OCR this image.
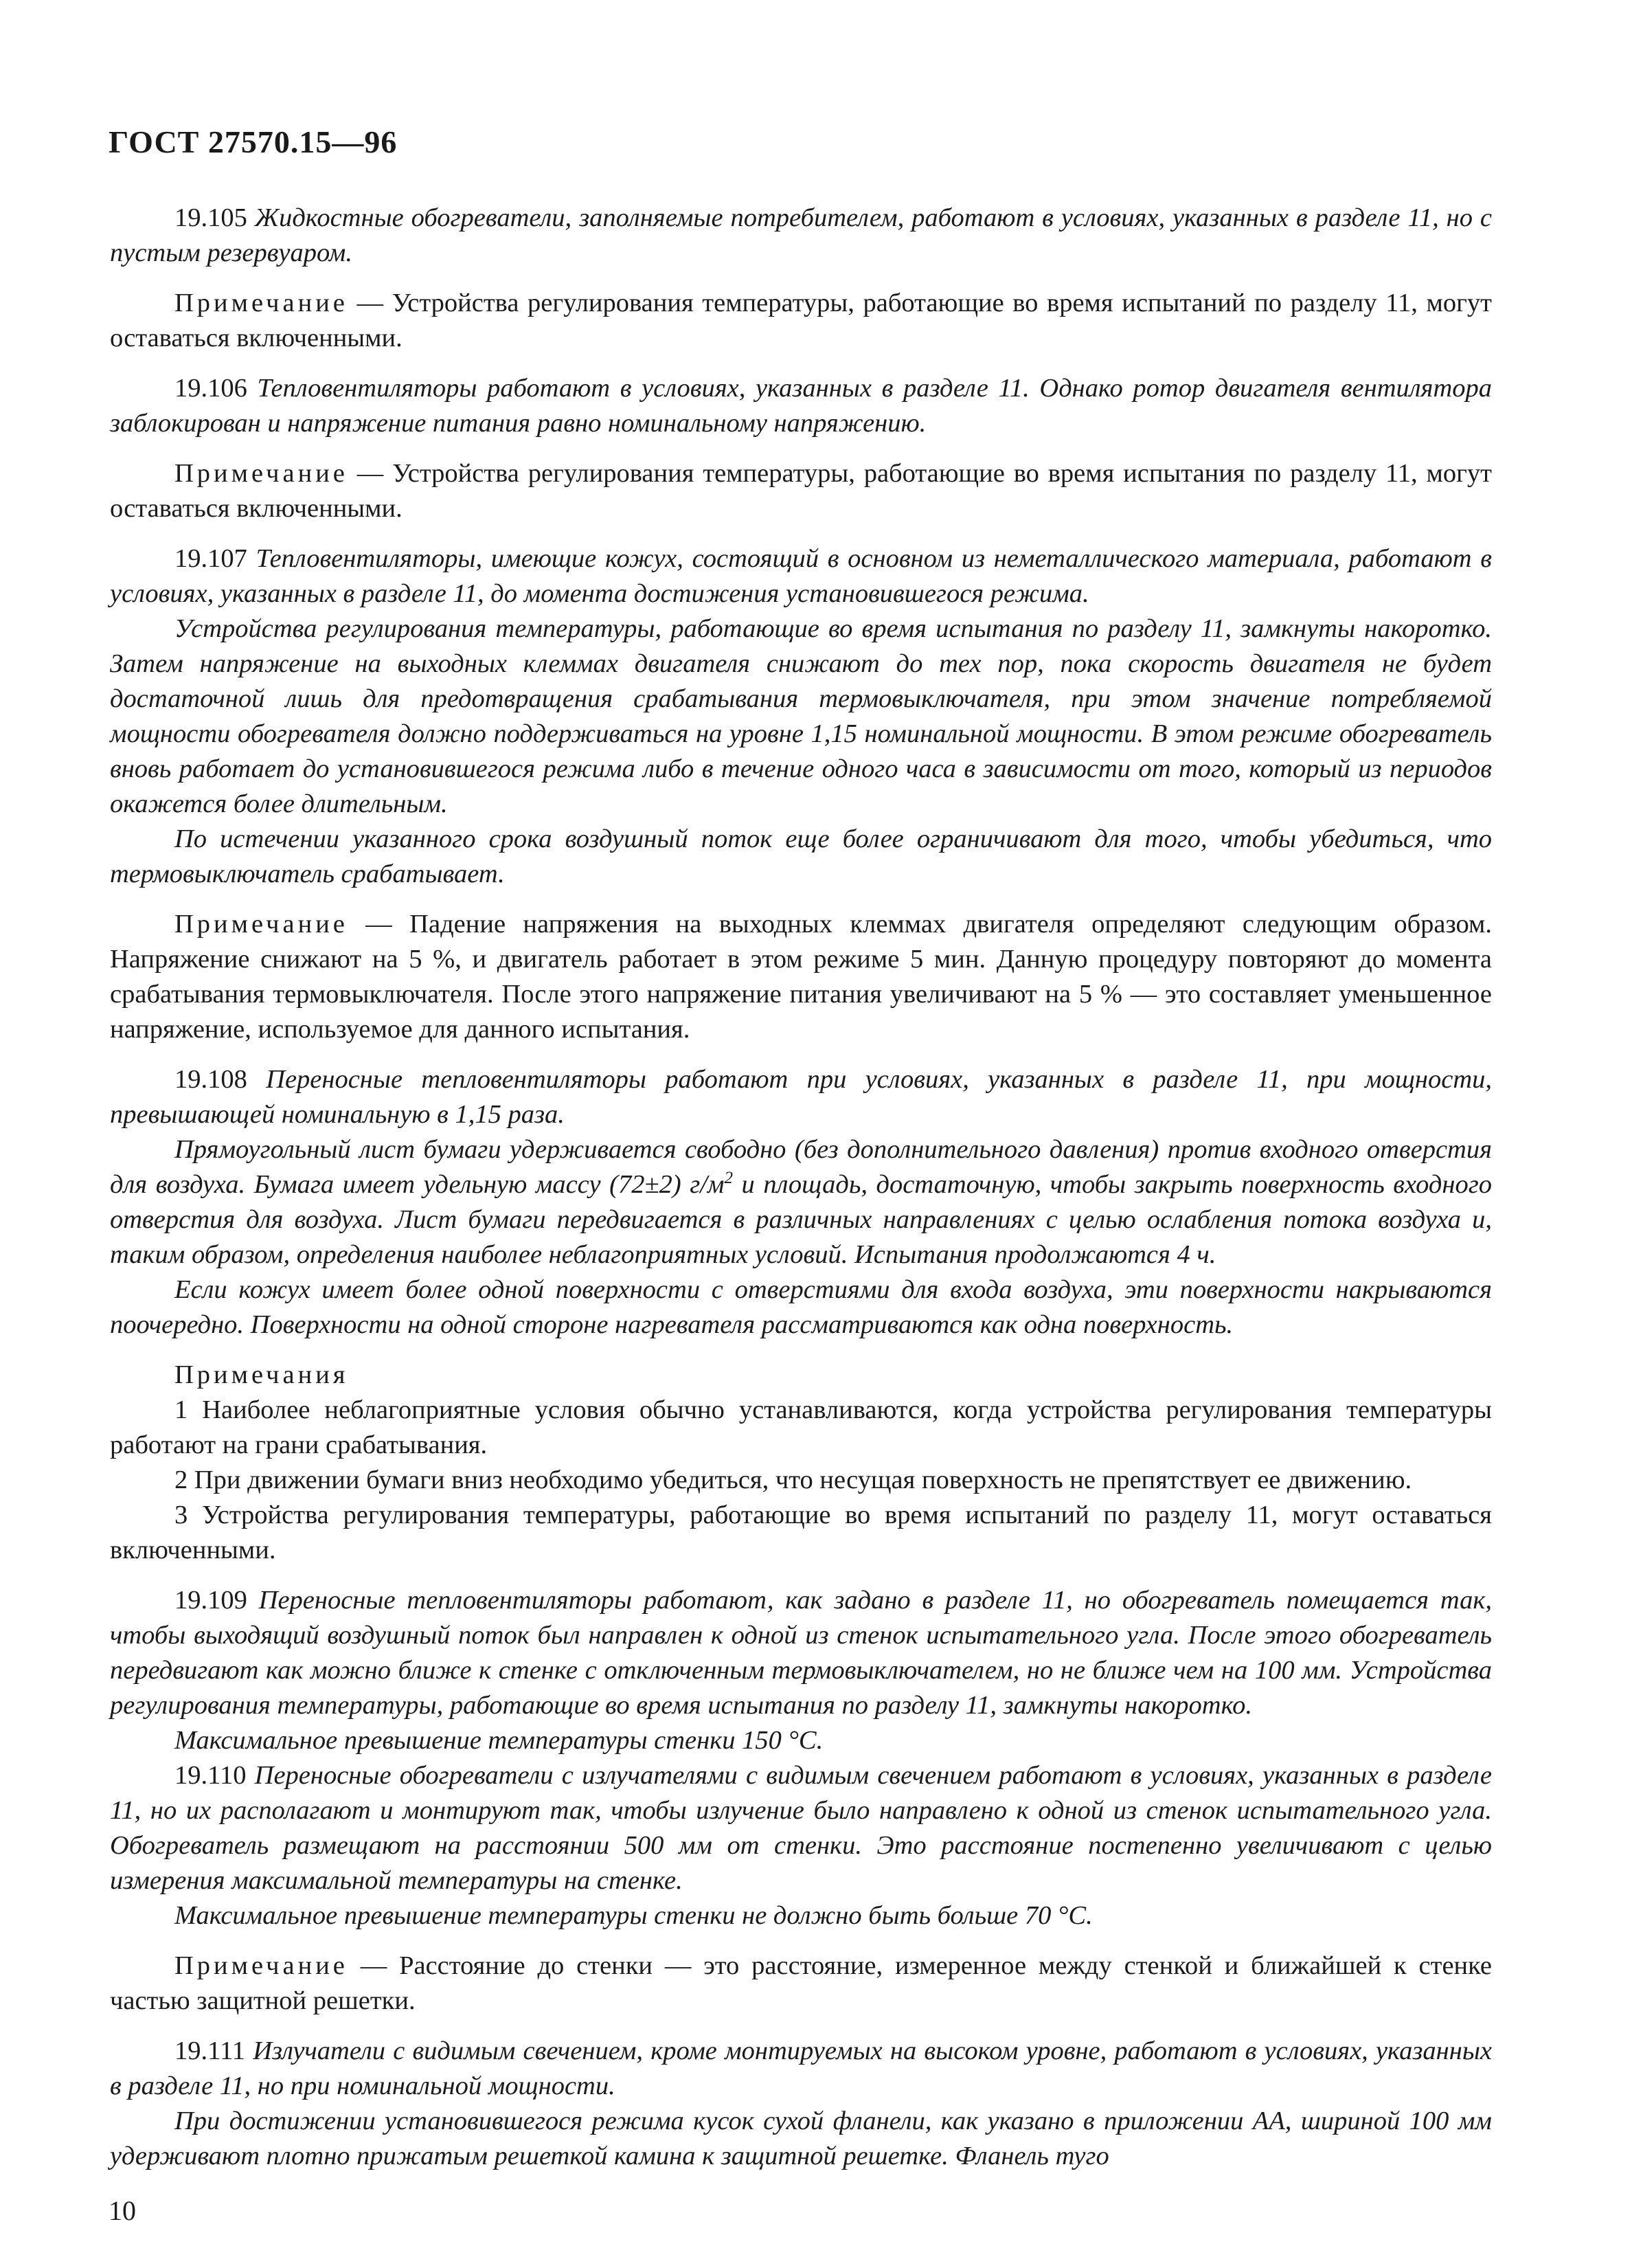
ГОСТ 27570.15—96

19.105 Жидкостные обогреватели, заполняемые потребителем, работают в условиях, указанных в разделе 11, но с пустым резервуаром.

Примечание — Устройства регулирования температуры, работающие во время испытаний по разделу 11, могут оставаться включенными.

19.106 Тепловентиляторы работают в условиях, указанных в разделе 11. Однако ротор двигателя вентилятора заблокирован и напряжение питания равно номинальному напряжению.

Примечание — Устройства регулирования температуры, работающие во время испытания по разделу 11, могут оставаться включенными.

19.107 Тепловентиляторы, имеющие кожух, состоящий в основном из неметаллического материала, работают в условиях, указанных в разделе 11, до момента достижения установившегося режима.

Устройства регулирования температуры, работающие во время испытания по разделу 11, замкнуты накоротко. Затем напряжение на выходных клеммах двигателя снижают до тех пор, пока скорость двигателя не будет достаточной лишь для предотвращения срабатывания термовыключателя, при этом значение потребляемой мощности обогревателя должно поддерживаться на уровне 1,15 номинальной мощности. В этом режиме обогреватель вновь работает до установившегося режима либо в течение одного часа в зависимости от того, который из периодов окажется более длительным.

По истечении указанного срока воздушный поток еще более ограничивают для того, чтобы убедиться, что термовыключатель срабатывает.

Примечание — Падение напряжения на выходных клеммах двигателя определяют следующим образом. Напряжение снижают на 5 %, и двигатель работает в этом режиме 5 мин. Данную процедуру повторяют до момента срабатывания термовыключателя. После этого напряжение питания увеличивают на 5 % — это составляет уменьшенное напряжение, используемое для данного испытания.

19.108 Переносные тепловентиляторы работают при условиях, указанных в разделе 11, при мощности, превышающей номинальную в 1,15 раза.

Прямоугольный лист бумаги удерживается свободно (без дополнительного давления) против входного отверстия для воздуха. Бумага имеет удельную массу (72±2) $г/м^2$ и площадь, достаточную, чтобы закрыть поверхность входного отверстия для воздуха. Лист бумаги передвигается в различных направлениях с целью ослабления потока воздуха и, таким образом, определения наиболее неблагоприятных условий. Испытания продолжаются 4 ч.

Если кожух имеет более одной поверхности с отверстиями для входа воздуха, эти поверхности накрываются поочередно. Поверхности на одной стороне нагревателя рассматриваются как одна поверхность.

Примечания

1 Наиболее неблагоприятные условия обычно устанавливаются, когда устройства регулирования температуры работают на грани срабатывания.

2 При движении бумаги вниз необходимо убедиться, что несущая поверхность не препятствует ее движению.

3 Устройства регулирования температуры, работающие во время испытаний по разделу 11, могут оставаться включенными.

19.109 Переносные тепловентиляторы работают, как задано в разделе 11, но обогреватель помещается так, чтобы выходящий воздушный поток был направлен к одной из стенок испытательного угла. После этого обогреватель передвигают как можно ближе к стенке с отключенным термовыключателем, но не ближе чем на 100 мм. Устройства регулирования температуры, работающие во время испытания по разделу 11, замкнуты накоротко.

Максимальное превышение температуры стенки 150 °С.

19.110 Переносные обогреватели с излучателями с видимым свечением работают в условиях, указанных в разделе 11, но их располагают и монтируют так, чтобы излучение было направлено к одной из стенок испытательного угла. Обогреватель размещают на расстоянии 500 мм от стенки. Это расстояние постепенно увеличивают с целью измерения максимальной температуры на стенке.

Максимальное превышение температуры стенки не должно быть больше 70 °С.

Примечание — Расстояние до стенки — это расстояние, измеренное между стенкой и ближайшей к стенке частью защитной решетки.

19.111 Излучатели с видимым свечением, кроме монтируемых на высоком уровне, работают в условиях, указанных в разделе 11, но при номинальной мощности.

При достижении установившегося режима кусок сухой фланели, как указано в приложении АА, шириной 100 мм удерживают плотно прижатым решеткой камина к защитной решетке. Фланель туго

10
